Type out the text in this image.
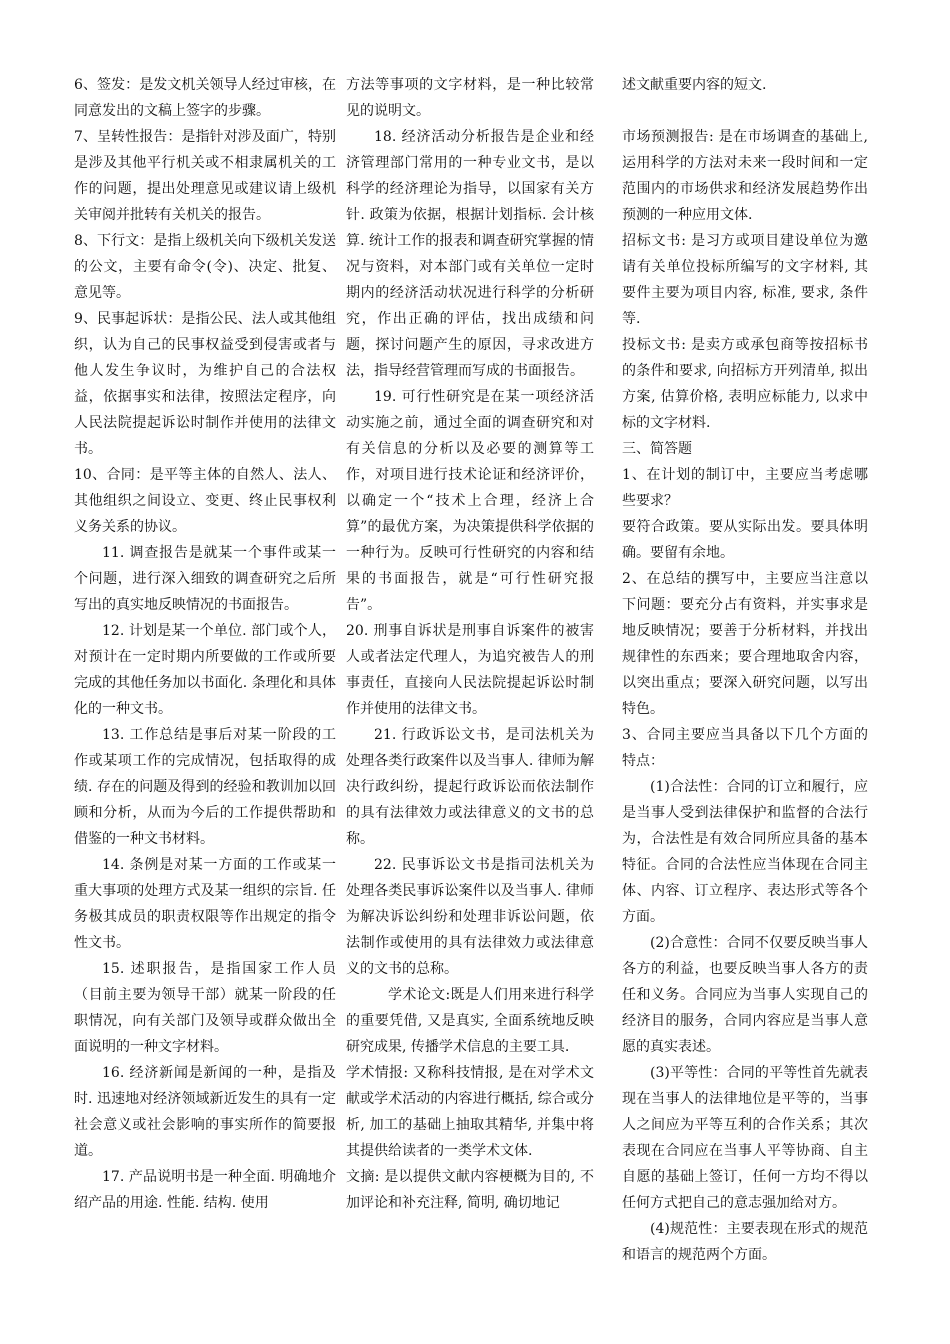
6、签发：是发文机关领导人经过审核，在同意发出的文稿上签字的步骤。

7、呈转性报告：是指针对涉及面广，特别是涉及其他平行机关或不相隶属机关的工作的问题，提出处理意见或建议请上级机关审阅并批转有关机关的报告。

8、下行文：是指上级机关向下级机关发送的公文，主要有命令(令)、决定、批复、意见等。

9、民事起诉状：是指公民、法人或其他组织，认为自己的民事权益受到侵害或者与他人发生争议时，为维护自己的合法权益，依据事实和法律，按照法定程序，向人民法院提起诉讼时制作并使用的法律文书。

10、合同：是平等主体的自然人、法人、其他组织之间设立、变更、终止民事权利义务关系的协议。

11. 调查报告是就某一个事件或某一个问题，进行深入细致的调查研究之后所写出的真实地反映情况的书面报告。

12. 计划是某一个单位. 部门或个人，对预计在一定时期内所要做的工作或所要完成的其他任务加以书面化. 条理化和具体化的一种文书。

13. 工作总结是事后对某一阶段的工作或某项工作的完成情况，包括取得的成绩. 存在的问题及得到的经验和教训加以回顾和分析，从而为今后的工作提供帮助和借鉴的一种文书材料。

14. 条例是对某一方面的工作或某一重大事项的处理方式及某一组织的宗旨. 任务极其成员的职责权限等作出规定的指令性文书。

15. 述职报告，是指国家工作人员（目前主要为领导干部）就某一阶段的任职情况，向有关部门及领导或群众做出全面说明的一种文字材料。

16. 经济新闻是新闻的一种，是指及时. 迅速地对经济领域新近发生的具有一定社会意义或社会影响的事实所作的简要报道。

17. 产品说明书是一种全面. 明确地介绍产品的用途. 性能. 结构. 使用

方法等事项的文字材料，是一种比较常见的说明文。

18. 经济活动分析报告是企业和经济管理部门常用的一种专业文书，是以科学的经济理论为指导，以国家有关方针. 政策为依据，根据计划指标. 会计核算. 统计工作的报表和调查研究掌握的情况与资料，对本部门或有关单位一定时期内的经济活动状况进行科学的分析研究，作出正确的评估，找出成绩和问题，探讨问题产生的原因，寻求改进方法，指导经营管理而写成的书面报告。

19. 可行性研究是在某一项经济活动实施之前，通过全面的调查研究和对有关信息的分析以及必要的测算等工作，对项目进行技术论证和经济评价，以确定一个“技术上合理，经济上合算”的最优方案，为决策提供科学依据的一种行为。反映可行性研究的内容和结果的书面报告，就是“可行性研究报告”。

20. 刑事自诉状是刑事自诉案件的被害人或者法定代理人，为追究被告人的刑事责任，直接向人民法院提起诉讼时制作并使用的法律文书。

21. 行政诉讼文书，是司法机关为处理各类行政案件以及当事人. 律师为解决行政纠纷，提起行政诉讼而依法制作的具有法律效力或法律意义的文书的总称。

22. 民事诉讼文书是指司法机关为处理各类民事诉讼案件以及当事人. 律师为解决诉讼纠纷和处理非诉讼问题，依法制作或使用的具有法律效力或法律意义的文书的总称。

学术论文:既是人们用来进行科学的重要凭借, 又是真实, 全面系统地反映研究成果, 传播学术信息的主要工具.

学术情报: 又称科技情报, 是在对学术文献或学术活动的内容进行概括, 综合或分析, 加工的基础上抽取其精华, 并集中将其提供给读者的一类学术文体.

文摘: 是以提供文献内容梗概为目的, 不加评论和补充注释, 简明, 确切地记

述文献重要内容的短文.

市场预测报告: 是在市场调查的基础上, 运用科学的方法对未来一段时间和一定范围内的市场供求和经济发展趋势作出预测的一种应用文体.

招标文书: 是习方或项目建设单位为邀请有关单位投标所编写的文字材料, 其要件主要为项目内容, 标准, 要求, 条件等.

投标文书: 是卖方或承包商等按招标书的条件和要求, 向招标方开列清单, 拟出方案, 估算价格, 表明应标能力, 以求中标的文字材料.

三、简答题

1、在计划的制订中，主要应当考虑哪些要求？

要符合政策。要从实际出发。要具体明确。要留有余地。

2、在总结的撰写中，主要应当注意以下问题：要充分占有资料，并实事求是地反映情况；要善于分析材料，并找出规律性的东西来；要合理地取舍内容，以突出重点；要深入研究问题，以写出特色。

3、合同主要应当具备以下几个方面的特点：

(1)合法性：合同的订立和履行，应是当事人受到法律保护和监督的合法行为，合法性是有效合同所应具备的基本特征。合同的合法性应当体现在合同主体、内容、订立程序、表达形式等各个方面。

(2)合意性：合同不仅要反映当事人各方的利益，也要反映当事人各方的责任和义务。合同应为当事人实现自己的经济目的服务，合同内容应是当事人意愿的真实表述。

(3)平等性：合同的平等性首先就表现在当事人的法律地位是平等的，当事人之间应为平等互利的合作关系；其次表现在合同应在当事人平等协商、自主自愿的基础上签订，任何一方均不得以任何方式把自己的意志强加给对方。

(4)规范性：主要表现在形式的规范和语言的规范两个方面。
